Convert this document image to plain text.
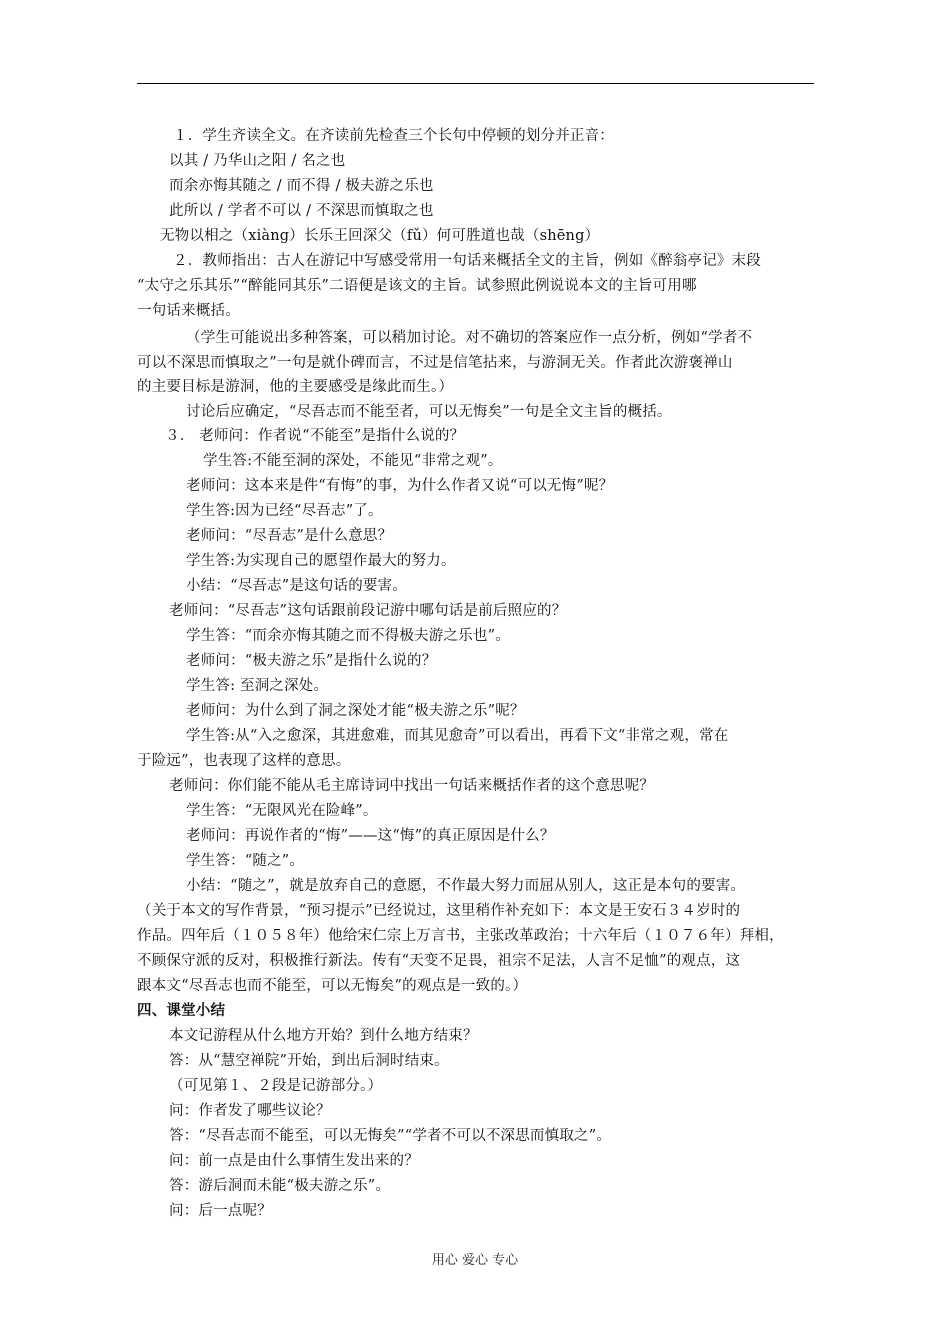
１．学生齐读全文。在齐读前先检查三个长句中停顿的划分并正音：
以其 / 乃华山之阳 / 名之也
而余亦悔其随之 / 而不得 / 极夫游之乐也
此所以 / 学者不可以 / 不深思而慎取之也
无物以相之（xiàng）长乐王回深父（fǔ）何可胜道也哉（shēng）
２．教师指出：古人在游记中写感受常用一句话来概括全文的主旨，例如《醉翁亭记》末段
“太守之乐其乐”“醉能同其乐”二语便是该文的主旨。试参照此例说说本文的主旨可用哪
一句话来概括。
（学生可能说出多种答案，可以稍加讨论。对不确切的答案应作一点分析，例如“学者不
可以不深思而慎取之”一句是就仆碑而言，不过是信笔拈来，与游洞无关。作者此次游褒禅山
的主要目标是游洞，他的主要感受是缘此而生。）
讨论后应确定，“尽吾志而不能至者，可以无悔矣”一句是全文主旨的概括。
３． 老师问：作者说“不能至”是指什么说的？
学生答:不能至洞的深处，不能见“非常之观”。
老师问：这本来是件“有悔”的事，为什么作者又说“可以无悔”呢？
学生答:因为已经“尽吾志”了。
老师问：“尽吾志”是什么意思？
学生答:为实现自己的愿望作最大的努力。
小结：“尽吾志”是这句话的要害。
老师问：“尽吾志”这句话跟前段记游中哪句话是前后照应的？
学生答：“而余亦悔其随之而不得极夫游之乐也”。
老师问：“极夫游之乐”是指什么说的？
学生答: 至洞之深处。
老师问：为什么到了洞之深处才能“极夫游之乐”呢？
学生答:从“入之愈深，其进愈难，而其见愈奇”可以看出，再看下文“非常之观，常在
于险远”，也表现了这样的意思。
老师问：你们能不能从毛主席诗词中找出一句话来概括作者的这个意思呢？
学生答：“无限风光在险峰”。
老师问：再说作者的“悔”——这“悔”的真正原因是什么？
学生答：“随之”。
小结：“随之”，就是放弃自己的意愿，不作最大努力而屈从别人，这正是本句的要害。
（关于本文的写作背景，“预习提示”已经说过，这里稍作补充如下：本文是王安石３４岁时的
作品。四年后（１０５８年）他给宋仁宗上万言书，主张改革政治；十六年后（１０７６年）拜相，
不顾保守派的反对，积极推行新法。传有“天变不足畏，祖宗不足法，人言不足恤”的观点，这
跟本文“尽吾志也而不能至，可以无悔矣”的观点是一致的。）
四、课堂小结
本文记游程从什么地方开始？到什么地方结束？
答：从“慧空禅院”开始，到出后洞时结束。
（可见第１、２段是记游部分。）
问：作者发了哪些议论？
答：“尽吾志而不能至，可以无悔矣”“学者不可以不深思而慎取之”。
问：前一点是由什么事情生发出来的？
答：游后洞而未能“极夫游之乐”。
问：后一点呢？
用心 爱心 专心
